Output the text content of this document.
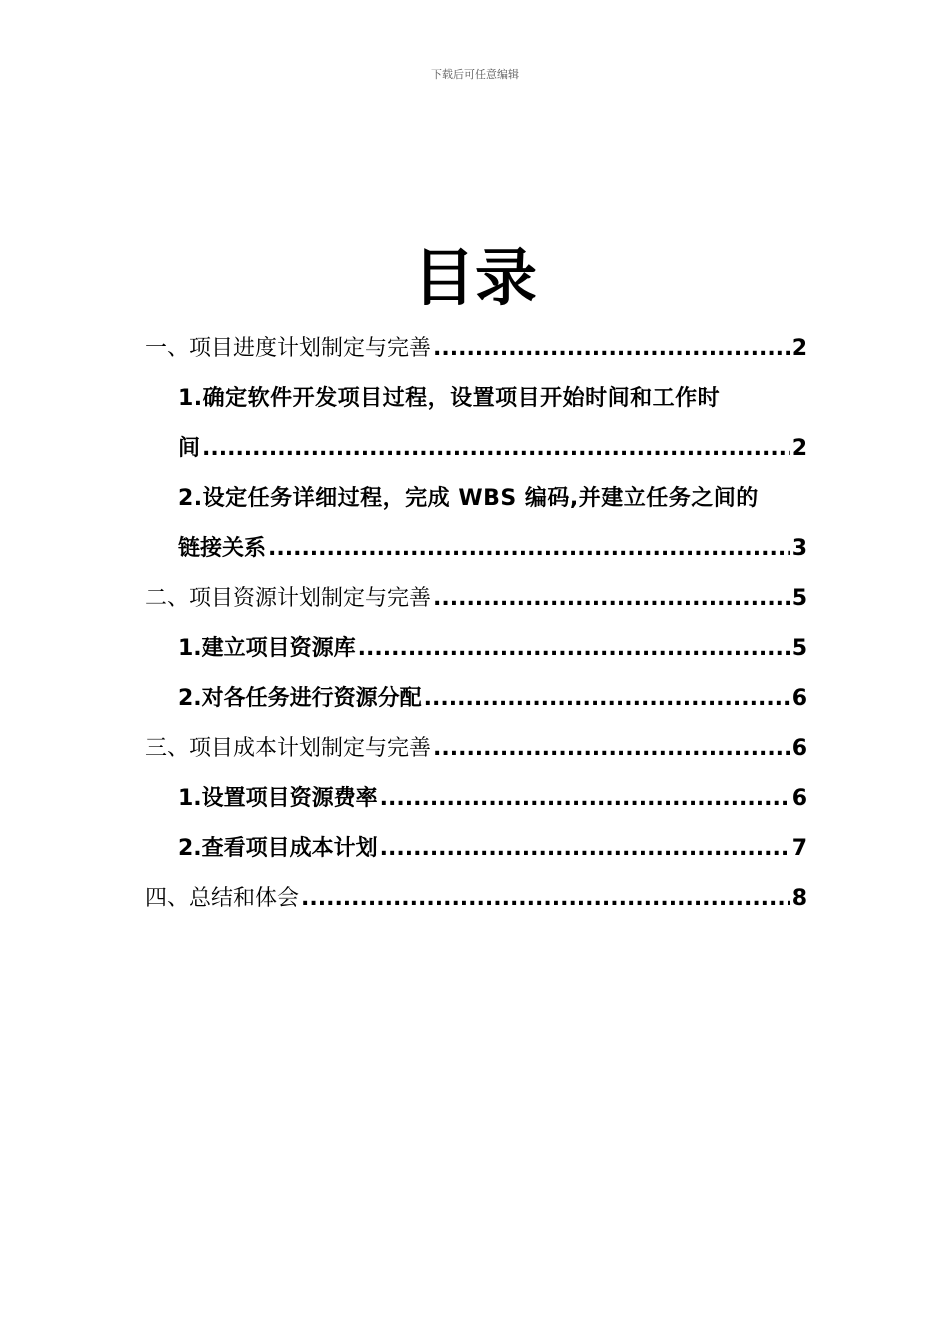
下载后可任意编辑
目录
一、项目进度计划制定与完善 .....	2
1.确定软件开发项目过程，设置项目开始时间和工作时
间 .....	2
2.设定任务详细过程，完成 WBS 编码,并建立任务之间的
链接关系 .....	3
二、项目资源计划制定与完善 .....	5
1.建立项目资源库 .....	5
2.对各任务进行资源分配 .....	6
三、项目成本计划制定与完善 .....	6
1.设置项目资源费率 .....	6
2.查看项目成本计划 .....	7
四、总结和体会 .....	8
